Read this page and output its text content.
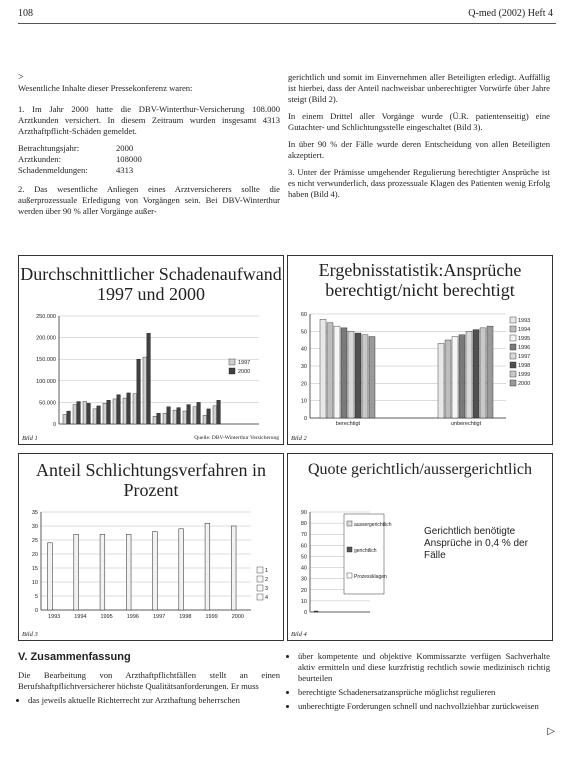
108	Q-med (2002) Heft 4
>

Wesentliche Inhalte dieser Pressekonferenz waren:

1. Im Jahr 2000 hatte die DBV-Winterthur-Versicherung 108.000 Arztkunden versichert. In diesem Zeitraum wurden insgesamt 4313 Arzthaftpflicht-Schäden gemeldet.

Betrachtungsjahr:	2000
Arztkunden:	108000
Schadenmeldungen:	4313

2. Das wesentliche Anliegen eines Arztversicherers sollte die außerprozessuale Erledigung von Vorgängen sein. Bei DBV-Winterthur werden über 90 % aller Vorgänge außer-

gerichtlich und somit im Einvernehmen aller Beteiligten erledigt. Auffällig ist hierbei, dass der Anteil nachweisbar unberechtigter Vorwürfe über Jahre steigt (Bild 2).

In einem Drittel aller Vorgänge wurde (Ü.R. patientenseitig) eine Gutachter- und Schlichtungsstelle eingeschaltet (Bild 3).

In über 90 % der Fälle wurde deren Entscheidung von allen Beteiligten akzeptiert.

3. Unter der Prämisse umgehender Regulierung berechtigter Ansprüche ist es nicht verwunderlich, dass prozessuale Klagen des Patienten wenig Erfolg haben (Bild 4).

Durchschnittlicher Schadenaufwand 1997 und 2000
250.000
200.000
150.000
100.000
50.000
0
1997
2000
Bild 1	Quelle: DBV-Winterthur Versicherung
Ergebnisstatistik:Ansprüche berechtigt/nicht berechtigt
60
50
40
30
20
10
0
berechtigt	unberechtigt
1993
1994
1995
1996
1997
1998
1999
2000
Bild 2
Anteil Schlichtungsverfahren in Prozent
35
30
25
20
15
10
5
0
1993	1994	1995	1996	1997	1998	1999	2000
1
2
3
4
Bild 3
Quote gerichtlich/aussergerichtlich
90
80
70
60
50
40
30
20
10
0
aussergerichtlich
gerichtlich
Prozessklagen
Gerichtlich benötigte Ansprüche in 0,4 % der Fälle
Bild 4
V. Zusammenfassung

Die Bearbeitung von Arzthaftpflichtfällen stellt an einen Berufshaftpflichtversicherer höchste Qualitätsanforderungen. Er muss

• das jeweils aktuelle Richterrecht zur Arzthaftung beherrschen
• über kompetente und objektive Kommissarzte verfügen Sachverhalte aktiv ermitteln und diese kurzfristig rechtlich sowie medizinisch richtig beurteilen
• berechtigte Schadenersatzansprüche möglichst regulieren
• unberechtigte Forderungen schnell und nachvollziehbar zurückweisen
▷
